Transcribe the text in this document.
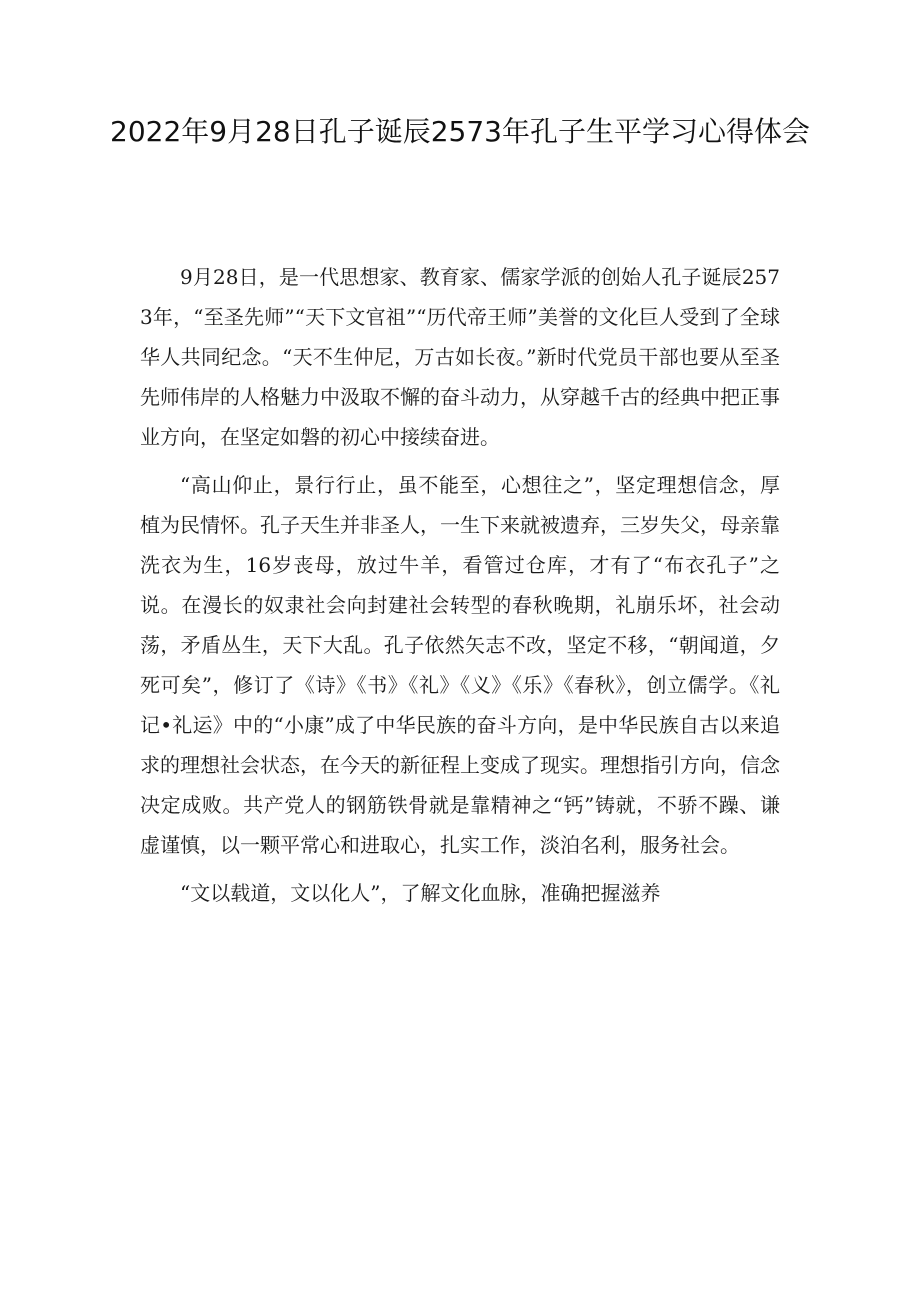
2022年9月28日孔子诞辰2573年孔子生平学习心得体会

9月28日，是一代思想家、教育家、儒家学派的创始人孔子诞辰2573年，“至圣先师”“天下文官祖”“历代帝王师”美誉的文化巨人受到了全球华人共同纪念。“天不生仲尼，万古如长夜。”新时代党员干部也要从至圣先师伟岸的人格魅力中汲取不懈的奋斗动力，从穿越千古的经典中把正事业方向，在坚定如磐的初心中接续奋进。

“高山仰止，景行行止，虽不能至，心想往之”，坚定理想信念，厚植为民情怀。孔子天生并非圣人，一生下来就被遗弃，三岁失父，母亲靠洗衣为生，16岁丧母，放过牛羊，看管过仓库，才有了“布衣孔子”之说。在漫长的奴隶社会向封建社会转型的春秋晚期，礼崩乐坏，社会动荡，矛盾丛生，天下大乱。孔子依然矢志不改，坚定不移，“朝闻道，夕死可矣”，修订了《诗》《书》《礼》《义》《乐》《春秋》，创立儒学。《礼记•礼运》中的“小康”成了中华民族的奋斗方向，是中华民族自古以来追求的理想社会状态，在今天的新征程上变成了现实。理想指引方向，信念决定成败。共产党人的钢筋铁骨就是靠精神之“钙”铸就，不骄不躁、谦虚谨慎，以一颗平常心和进取心，扎实工作，淡泊名利，服务社会。

“文以载道，文以化人”，了解文化血脉，准确把握滋养
